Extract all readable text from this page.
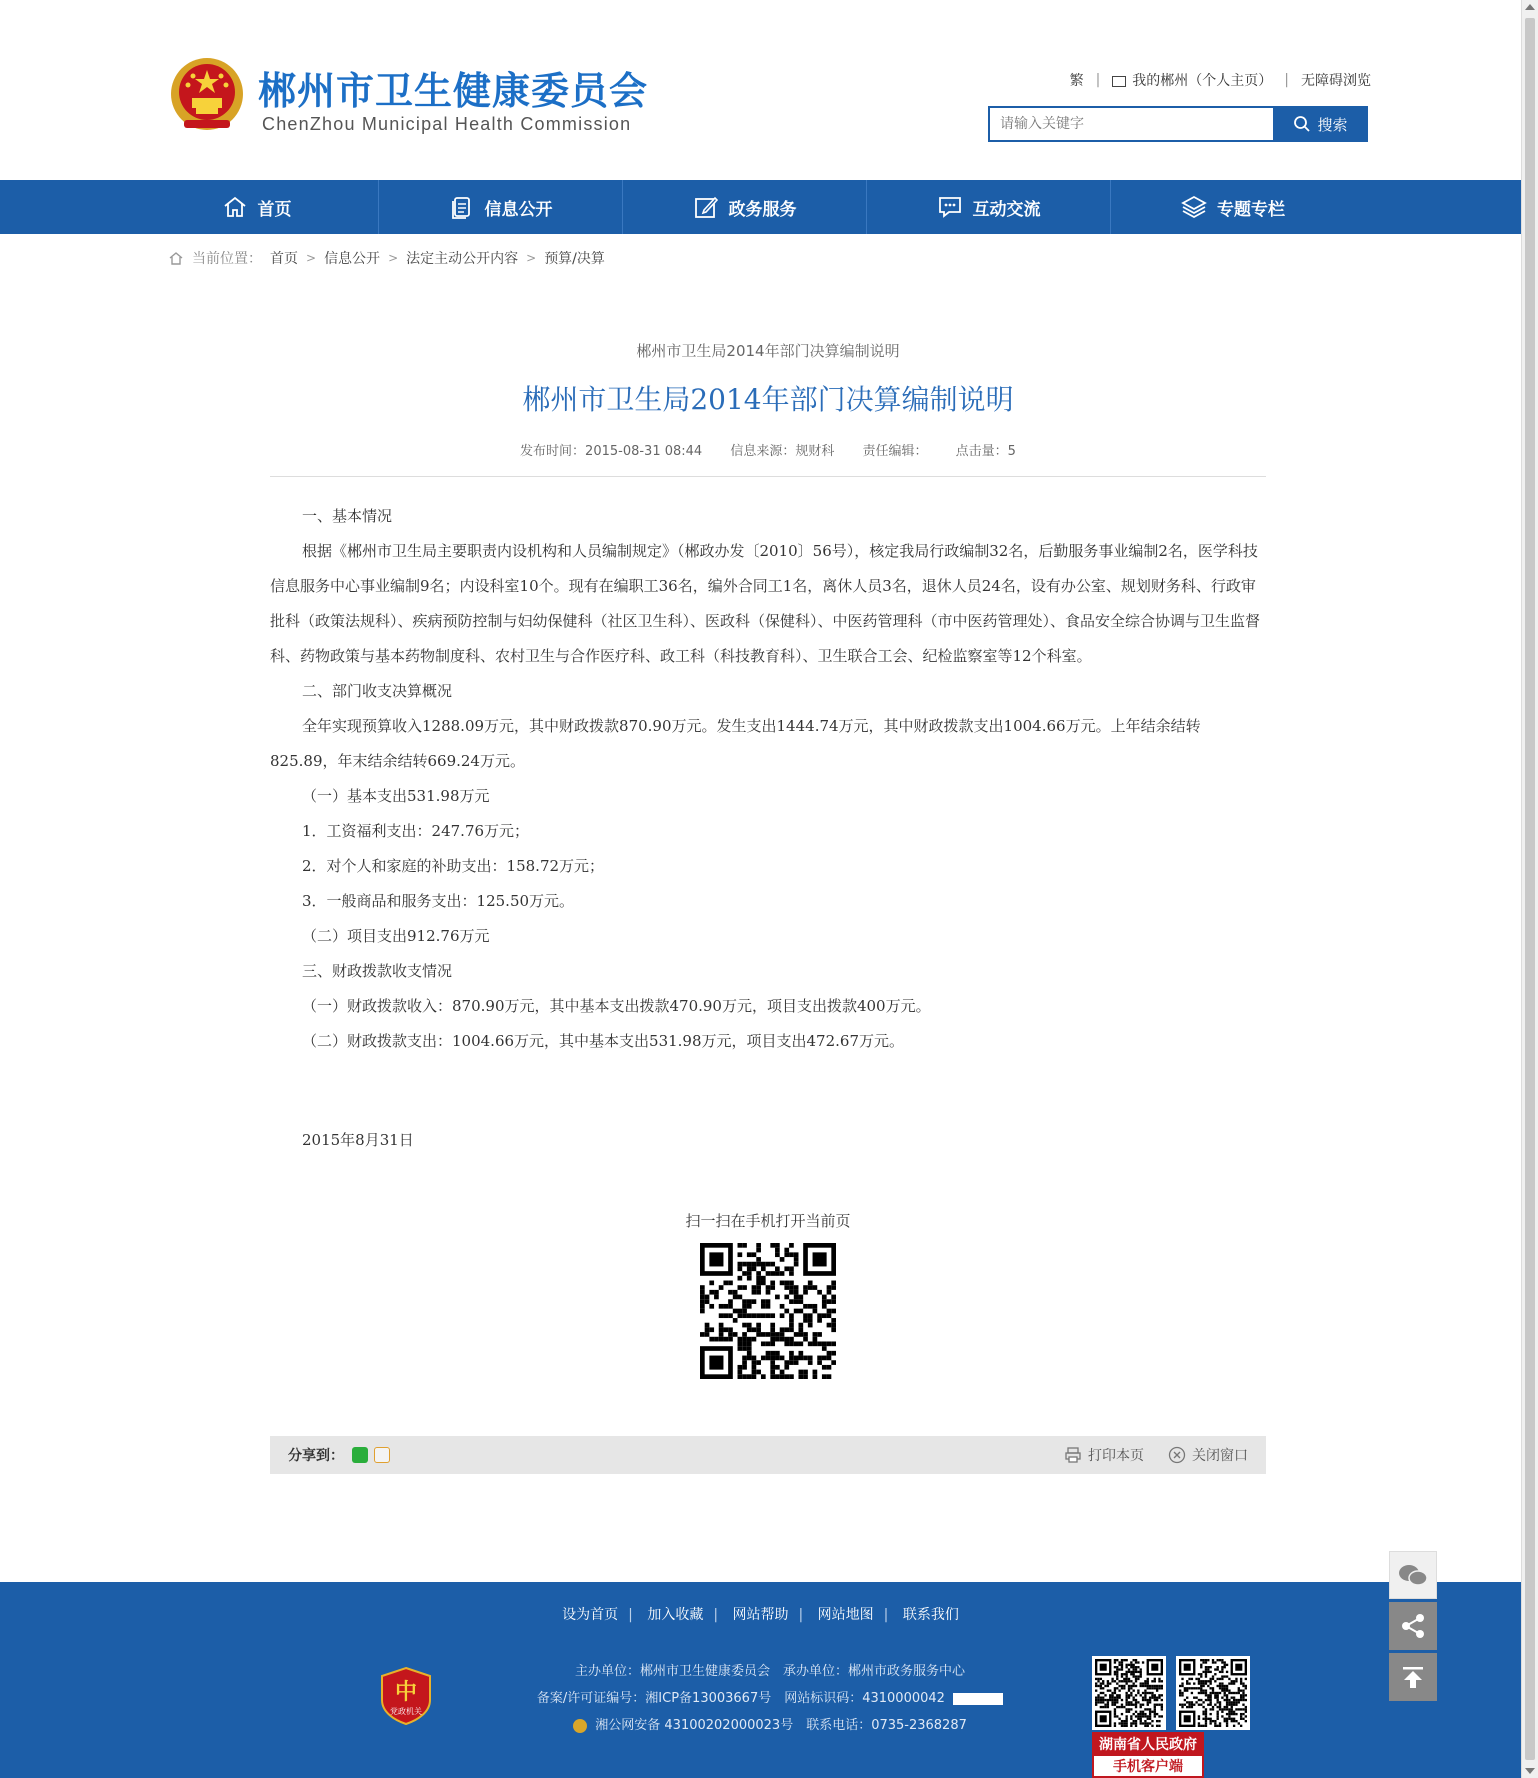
郴州市卫生健康委员会
ChenZhou Municipal Health Commission
繁 | 我的郴州（个人主页） | 无障碍浏览
请输入关键字
搜索
首页	信息公开	政务服务	互动交流	专题专栏
当前位置： 首页 > 信息公开 > 法定主动公开内容 > 预算/决算
郴州市卫生局2014年部门决算编制说明
郴州市卫生局2014年部门决算编制说明
发布时间：2015-08-31 08:44 信息来源：规财科 责任编辑： 点击量：5

一、基本情况

根据《郴州市卫生局主要职责内设机构和人员编制规定》（郴政办发〔2010〕56号），核定我局行政编制32名，后勤服务事业编制2名，医学科技信息服务中心事业编制9名；内设科室10个。现有在编职工36名，编外合同工1名，离休人员3名，退休人员24名，设有办公室、规划财务科、行政审批科（政策法规科）、疾病预防控制与妇幼保健科（社区卫生科）、医政科（保健科）、中医药管理科（市中医药管理处）、食品安全综合协调与卫生监督科、药物政策与基本药物制度科、农村卫生与合作医疗科、政工科（科技教育科）、卫生联合工会、纪检监察室等12个科室。

二、部门收支决算概况

全年实现预算收入1288.09万元，其中财政拨款870.90万元。发生支出1444.74万元，其中财政拨款支出1004.66万元。上年结余结转825.89，年末结余结转669.24万元。

（一）基本支出531.98万元

1．工资福利支出：247.76万元；

2．对个人和家庭的补助支出：158.72万元；

3．一般商品和服务支出：125.50万元。

（二）项目支出912.76万元

三、财政拨款收支情况

（一）财政拨款收入：870.90万元，其中基本支出拨款470.90万元，项目支出拨款400万元。

（二）财政拨款支出：1004.66万元，其中基本支出531.98万元，项目支出472.67万元。

2015年8月31日
扫一扫在手机打开当前页
分享到：	打印本页	关闭窗口
设为首页 | 加入收藏 | 网站帮助 | 网站地图 | 联系我们
中
党政机关
主办单位：郴州市卫生健康委员会　承办单位：郴州市政务服务中心
备案/许可证编号：湘ICP备13003667号　网站标识码：4310000042
湘公网安备 43100202000023号　联系电话：0735-2368287
湖南省人民政府
手机客户端
